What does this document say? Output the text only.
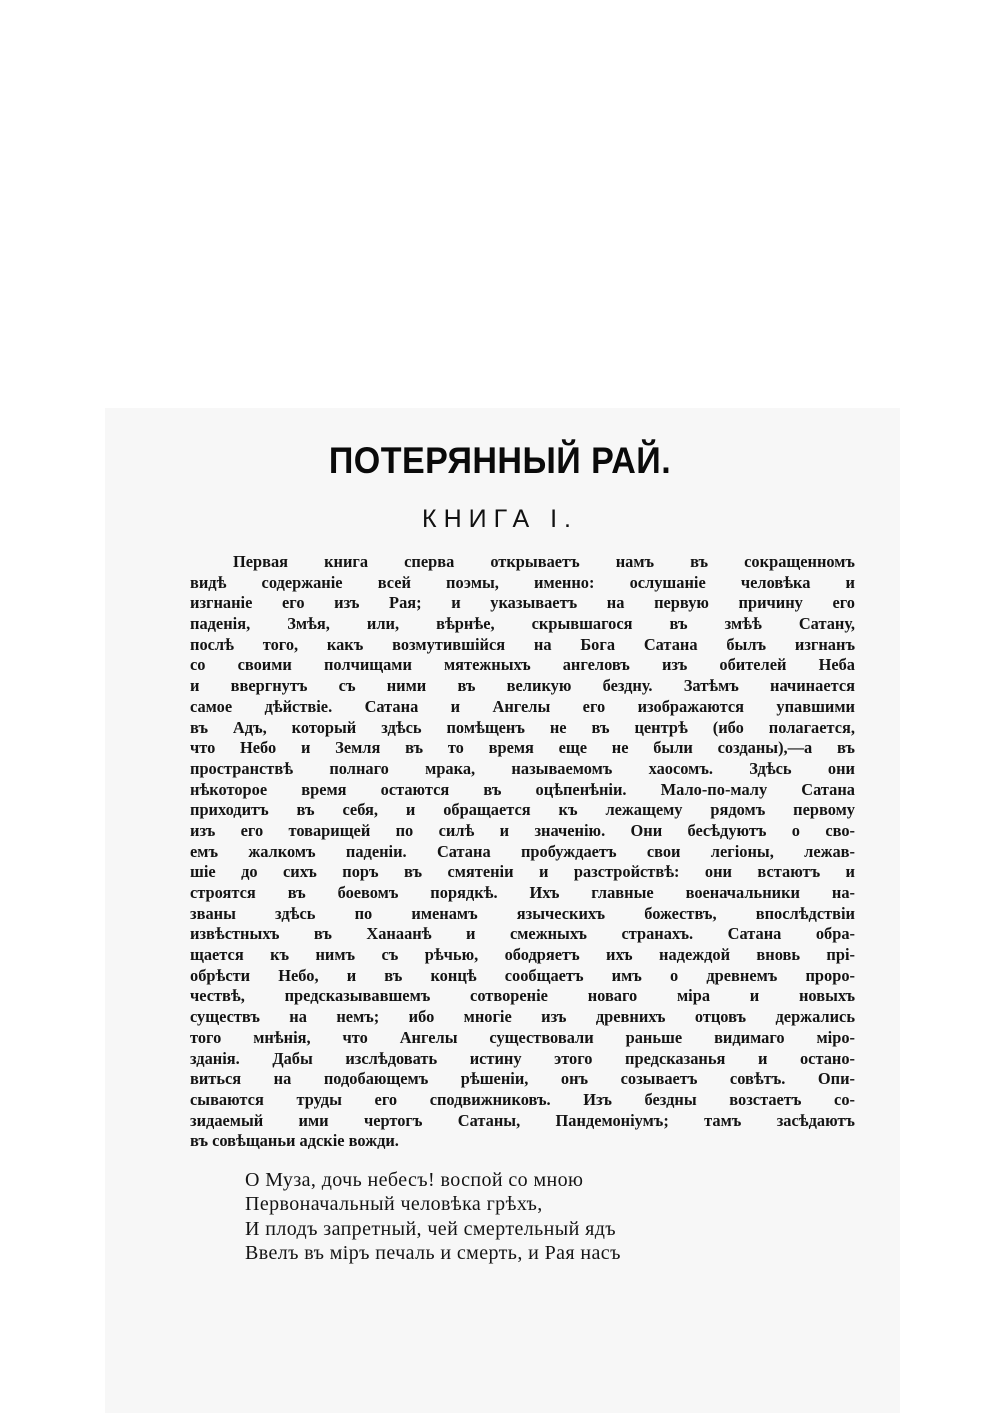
ПОТЕРЯННЫЙ РАЙ.
КНИГА I.
Первая книга сперва открываетъ намъ въ сокращенномъ
видѣ содержаніе всей поэмы, именно: ослушаніе человѣка и
изгнаніе его изъ Рая; и указываетъ на первую причину его
паденія, Змѣя, или, вѣрнѣе, скрывшагося въ змѣѣ Сатану,
послѣ того, какъ возмутившійся на Бога Сатана былъ изгнанъ
со своими полчищами мятежныхъ ангеловъ изъ обителей Неба
и ввергнутъ съ ними въ великую бездну. Затѣмъ начинается
самое дѣйствіе. Сатана и Ангелы его изображаются упавшими
въ Адъ, который здѣсь помѣщенъ не въ центрѣ (ибо полагается,
что Небо и Земля въ то время еще не были созданы),—а въ
пространствѣ полнаго мрака, называемомъ хаосомъ. Здѣсь они
нѣкоторое время остаются въ оцѣпенѣніи. Мало-по-малу Сатана
приходитъ въ себя, и обращается къ лежащему рядомъ первому
изъ его товарищей по силѣ и значенію. Они бесѣдуютъ о сво-
емъ жалкомъ паденіи. Сатана пробуждаетъ свои легіоны, лежав-
шіе до сихъ поръ въ смятеніи и разстройствѣ: они встаютъ и
строятся въ боевомъ порядкѣ. Ихъ главные военачальники на-
званы здѣсь по именамъ языческихъ божествъ, впослѣдствіи
извѣстныхъ въ Ханаанѣ и смежныхъ странахъ. Сатана обра-
щается къ нимъ съ рѣчью, ободряетъ ихъ надеждой вновь прі-
обрѣсти Небо, и въ концѣ сообщаетъ имъ о древнемъ проро-
чествѣ, предсказывавшемъ сотвореніе новаго міра и новыхъ
существъ на немъ; ибо многіе изъ древнихъ отцовъ держались
того мнѣнія, что Ангелы существовали раньше видимаго міро-
зданія. Дабы изслѣдовать истину этого предсказанья и остано-
виться на подобающемъ рѣшеніи, онъ созываетъ совѣтъ. Опи-
сываются труды его сподвижниковъ. Изъ бездны возстаетъ со-
зидаемый ими чертогъ Сатаны, Пандемоніумъ; тамъ засѣдаютъ
въ совѣщаньи адскіе вожди.
О Муза, дочь небесъ! воспой со мною
Первоначальный человѣка грѣхъ,
И плодъ запретный, чей смертельный ядъ
Ввелъ въ міръ печаль и смерть, и Рая насъ
